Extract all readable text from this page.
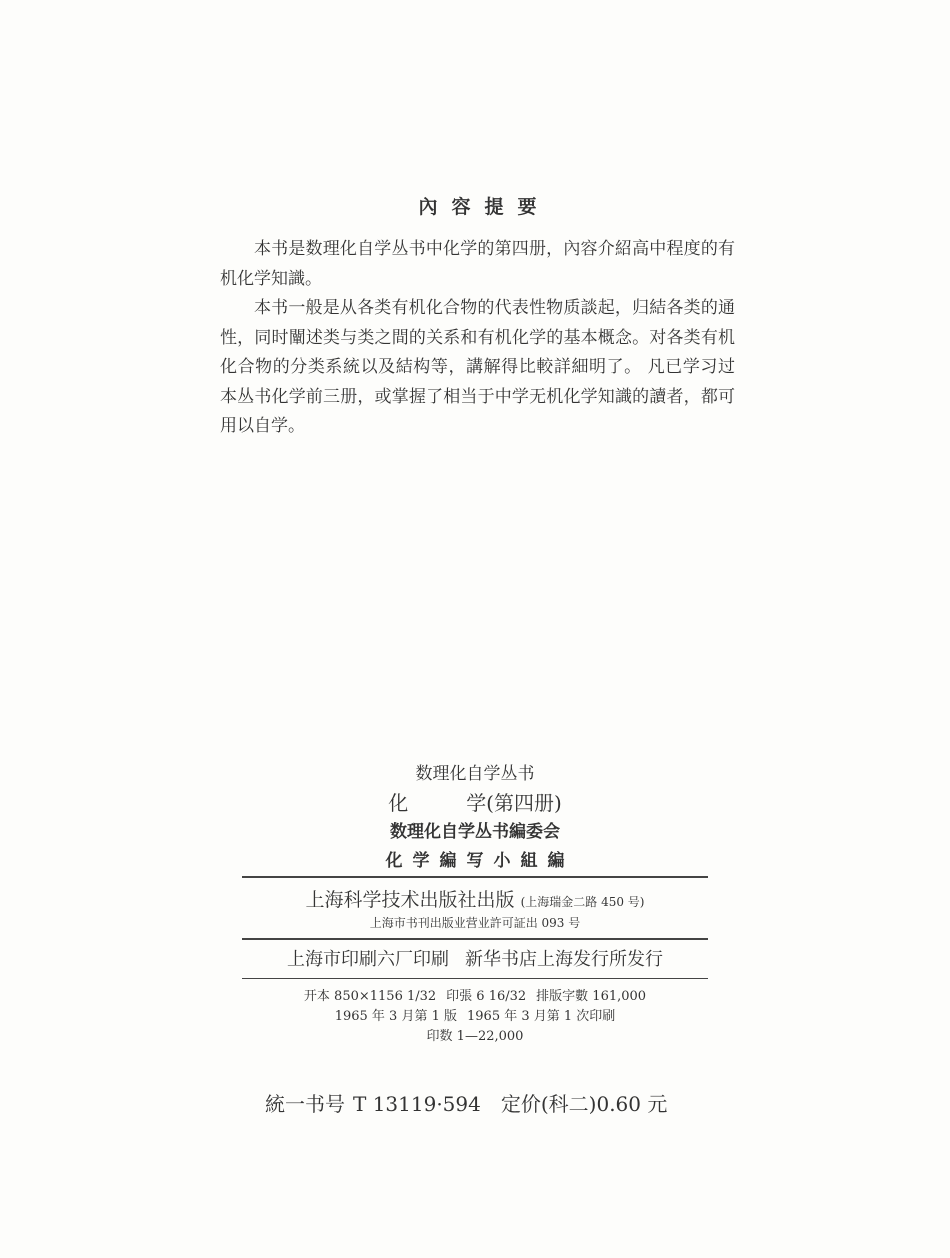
內容提要

本书是数理化自学丛书中化学的第四册，內容介紹高中程度的有机化学知識。

本书一般是从各类有机化合物的代表性物质談起，归結各类的通性，同时闡述类与类之間的关系和有机化学的基本概念。对各类有机化合物的分类系統以及結构等，講解得比較詳細明了。 凡已学习过本丛书化学前三册，或掌握了相当于中学无机化学知識的讀者，都可用以自学。

数理化自学丛书

化	学(第四册)

数理化自学丛书編委会

化学編写小組編

上海科学技术出版社出版 (上海瑞金二路 450 号)
上海市书刊出版业营业許可証出 093 号
上海市印刷六厂印刷 新华书店上海发行所发行
开本 850×1156 1/32 印張 6 16/32 排版字數 161,000
1965 年 3 月第 1 版 1965 年 3 月第 1 次印刷
印数 1—22,000
統一书号 T 13119·594 定价(科二)0.60 元
